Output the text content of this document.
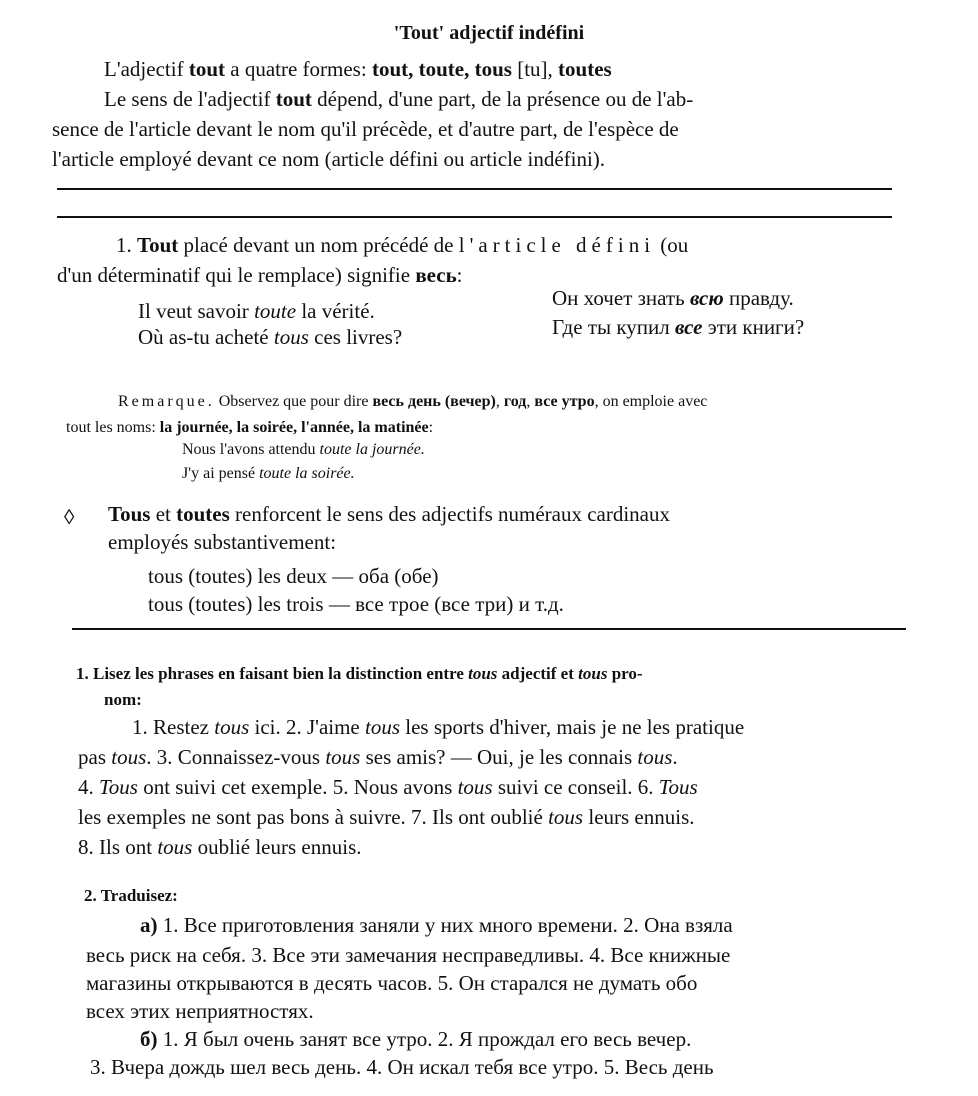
'Tout' adjectif indéfini
L'adjectif tout a quatre formes: tout, toute, tous [tu], toutes
Le sens de l'adjectif tout dépend, d'une part, de la présence ou de l'ab-
sence de l'article devant le nom qu'il précède, et d'autre part, de l'espèce de
l'article employé devant ce nom (article défini ou article indéfini).
1. Tout placé devant un nom précédé de l'article défini (ou
d'un déterminatif qui le remplace) signifie весь:
Il veut savoir toute la vérité.
Он хочет знать всю правду.
Où as-tu acheté tous ces livres?	Где ты купил все эти книги?
Remarque. Observez que pour dire весь день (вечер), год, все утро, on emploie avec
tout les noms: la journée, la soirée, l'année, la matinée:
Nous l'avons attendu toute la journée.
J'y ai pensé toute la soirée.
◊ Tous et toutes renforcent le sens des adjectifs numéraux cardinaux
employés substantivement:
tous (toutes) les deux — оба (обе)
tous (toutes) les trois — все трое (все три) и т.д.
1. Lisez les phrases en faisant bien la distinction entre tous adjectif et tous pro-
nom:
1. Restez tous ici. 2. J'aime tous les sports d'hiver, mais je ne les pratique
pas tous. 3. Connaissez-vous tous ses amis? — Oui, je les connais tous.
4. Tous ont suivi cet exemple. 5. Nous avons tous suivi ce conseil. 6. Tous
les exemples ne sont pas bons à suivre. 7. Ils ont oublié tous leurs ennuis.
8. Ils ont tous oublié leurs ennuis.
2. Traduisez:
а) 1. Все приготовления заняли у них много времени. 2. Она взяла
весь риск на себя. 3. Все эти замечания несправедливы. 4. Все книжные
магазины открываются в десять часов. 5. Он старался не думать обо
всех этих неприятностях.
б) 1. Я был очень занят все утро. 2. Я прождал его весь вечер.
3. Вчера дождь шел весь день. 4. Он искал тебя все утро. 5. Весь день
